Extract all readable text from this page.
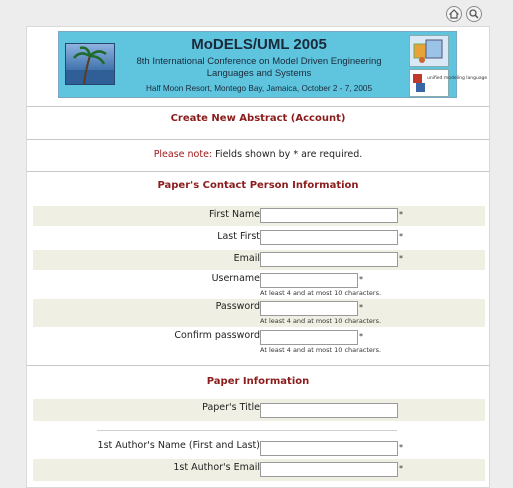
MoDELS/UML 2005
8th International Conference on Model Driven Engineering Languages and Systems
Half Moon Resort, Montego Bay, Jamaica, October 2 - 7, 2005
unified modeling language
Create New Abstract (Account)
Please note: Fields shown by * are required.
Paper's Contact Person Information
First Name	*
Last First	*
Email	*
Username	*
At least 4 and at most 10 characters.
Password	*
At least 4 and at most 10 characters.
Confirm password	*
At least 4 and at most 10 characters.
Paper Information
Paper's Title
1st Author's Name (First and Last)	*
1st Author's Email	*
